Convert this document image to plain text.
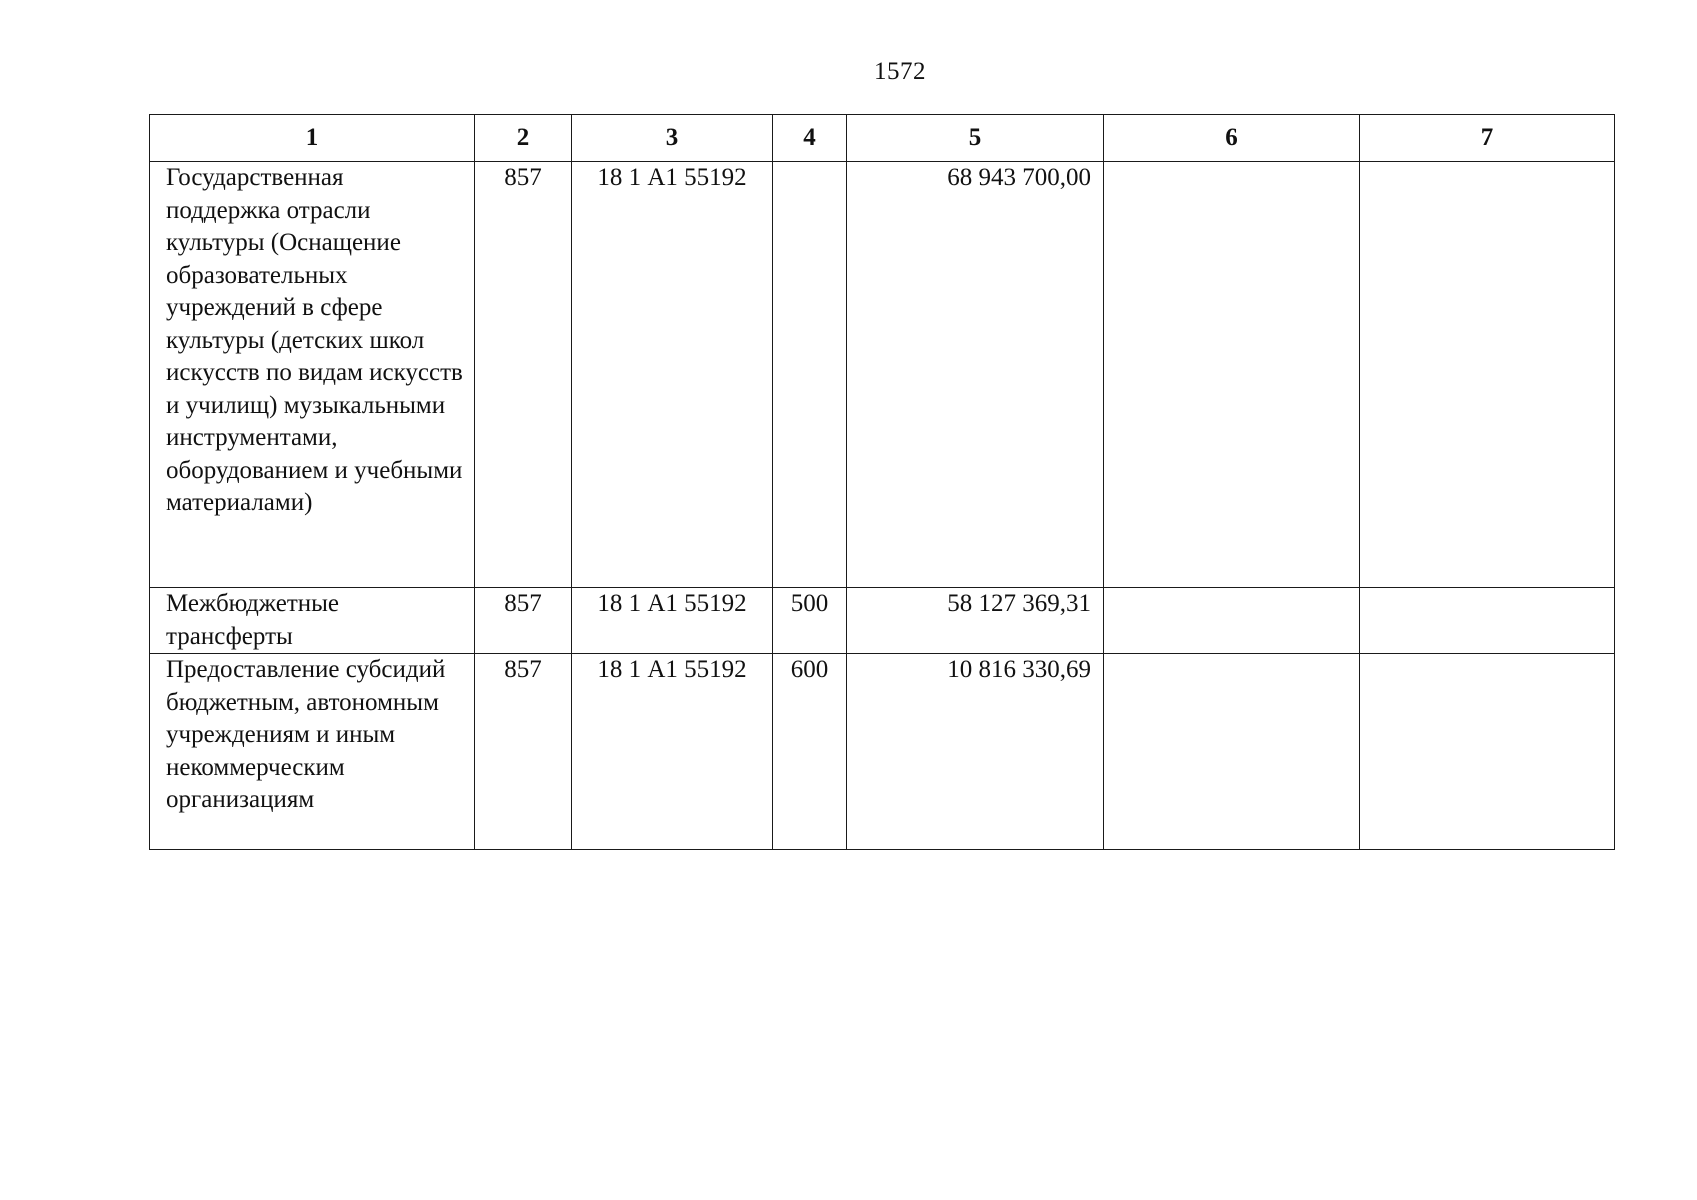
1572
1	2	3	4	5	6	7
Государственная поддержка отрасли культуры (Оснащение образовательных учреждений в сфере культуры (детских школ искусств по видам искусств и училищ) музыкальными инструментами, оборудованием и учебными материалами)	857	18 1 А1 55192		68 943 700,00		
Межбюджетные трансферты	857	18 1 А1 55192	500	58 127 369,31		
Предоставление субсидий бюджетным, автономным учреждениям и иным некоммерческим организациям	857	18 1 А1 55192	600	10 816 330,69		
